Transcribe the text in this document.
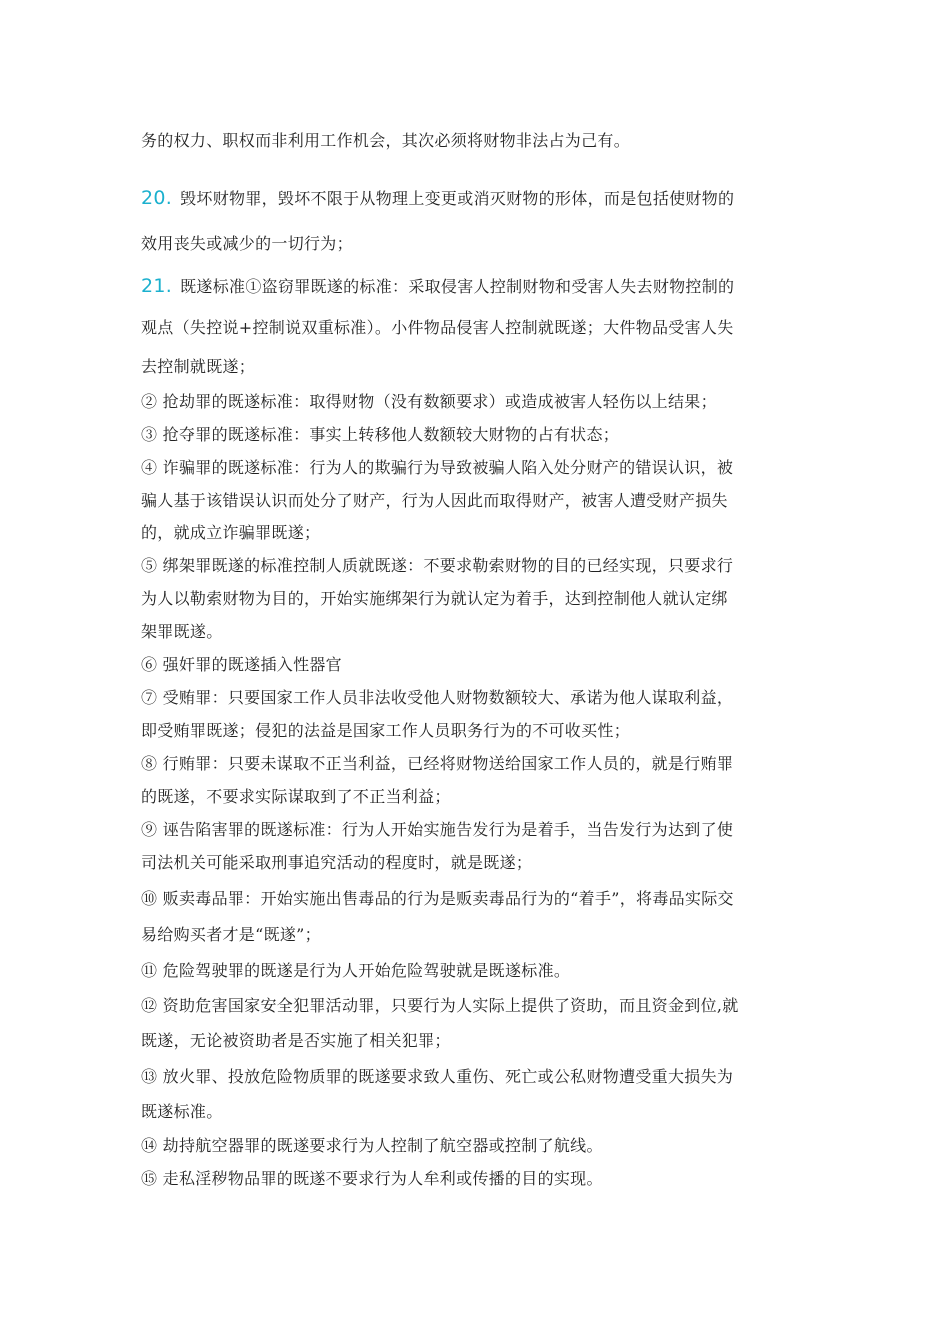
务的权力、职权而非利用工作机会，其次必须将财物非法占为己有。
20. 毁坏财物罪，毁坏不限于从物理上变更或消灭财物的形体，而是包括使财物的
效用丧失或减少的一切行为；
21. 既遂标准①盗窃罪既遂的标准：采取侵害人控制财物和受害人失去财物控制的
观点（失控说+控制说双重标准）。小件物品侵害人控制就既遂；大件物品受害人失
去控制就既遂；
② 抢劫罪的既遂标准：取得财物（没有数额要求）或造成被害人轻伤以上结果；
③ 抢夺罪的既遂标准：事实上转移他人数额较大财物的占有状态；
④ 诈骗罪的既遂标准：行为人的欺骗行为导致被骗人陷入处分财产的错误认识，被
骗人基于该错误认识而处分了财产，行为人因此而取得财产，被害人遭受财产损失
的，就成立诈骗罪既遂；
⑤ 绑架罪既遂的标准控制人质就既遂：不要求勒索财物的目的已经实现，只要求行
为人以勒索财物为目的，开始实施绑架行为就认定为着手，达到控制他人就认定绑
架罪既遂。
⑥ 强奸罪的既遂插入性器官
⑦ 受贿罪：只要国家工作人员非法收受他人财物数额较大、承诺为他人谋取利益，
即受贿罪既遂；侵犯的法益是国家工作人员职务行为的不可收买性；
⑧ 行贿罪：只要未谋取不正当利益，已经将财物送给国家工作人员的，就是行贿罪
的既遂，不要求实际谋取到了不正当利益；
⑨ 诬告陷害罪的既遂标准：行为人开始实施告发行为是着手，当告发行为达到了使
司法机关可能采取刑事追究活动的程度时，就是既遂；
⑩ 贩卖毒品罪：开始实施出售毒品的行为是贩卖毒品行为的“着手”，将毒品实际交
易给购买者才是“既遂”；
⑪ 危险驾驶罪的既遂是行为人开始危险驾驶就是既遂标准。
⑫ 资助危害国家安全犯罪活动罪，只要行为人实际上提供了资助，而且资金到位,就
既遂，无论被资助者是否实施了相关犯罪；
⑬ 放火罪、投放危险物质罪的既遂要求致人重伤、死亡或公私财物遭受重大损失为
既遂标准。
⑭ 劫持航空器罪的既遂要求行为人控制了航空器或控制了航线。
⑮ 走私淫秽物品罪的既遂不要求行为人牟利或传播的目的实现。
